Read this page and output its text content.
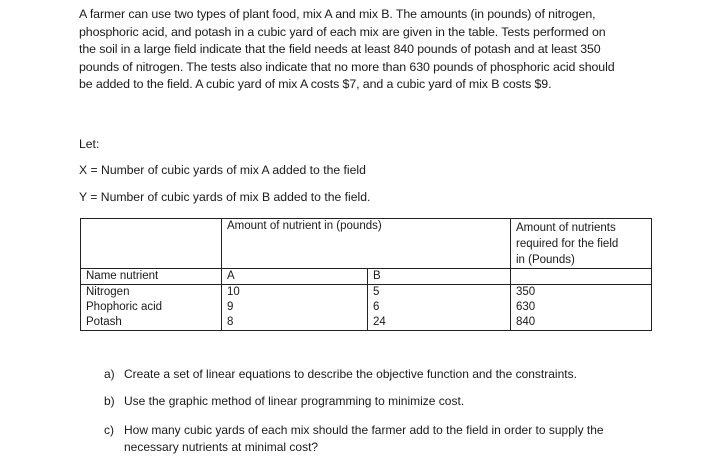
A farmer can use two types of plant food, mix A and mix B. The amounts (in pounds) of nitrogen,
phosphoric acid, and potash in a cubic yard of each mix are given in the table. Tests performed on
the soil in a large field indicate that the field needs at least 840 pounds of potash and at least 350
pounds of nitrogen. The tests also indicate that no more than 630 pounds of phosphoric acid should
be added to the field. A cubic yard of mix A costs $7, and a cubic yard of mix B costs $9.
Let:
X = Number of cubic yards of mix A added to the field
Y = Number of cubic yards of mix B added to the field.
	Amount of nutrient in (pounds)		Amount of nutrients
required for the field
in (Pounds)

Name nutrient	A	B	
Nitrogen	10	5	350
Phophoric acid	9	6	630
Potash	8	24	840
a) Create a set of linear equations to describe the objective function and the constraints.
b) Use the graphic method of linear programming to minimize cost.
c) How many cubic yards of each mix should the farmer add to the field in order to supply the
necessary nutrients at minimal cost?
